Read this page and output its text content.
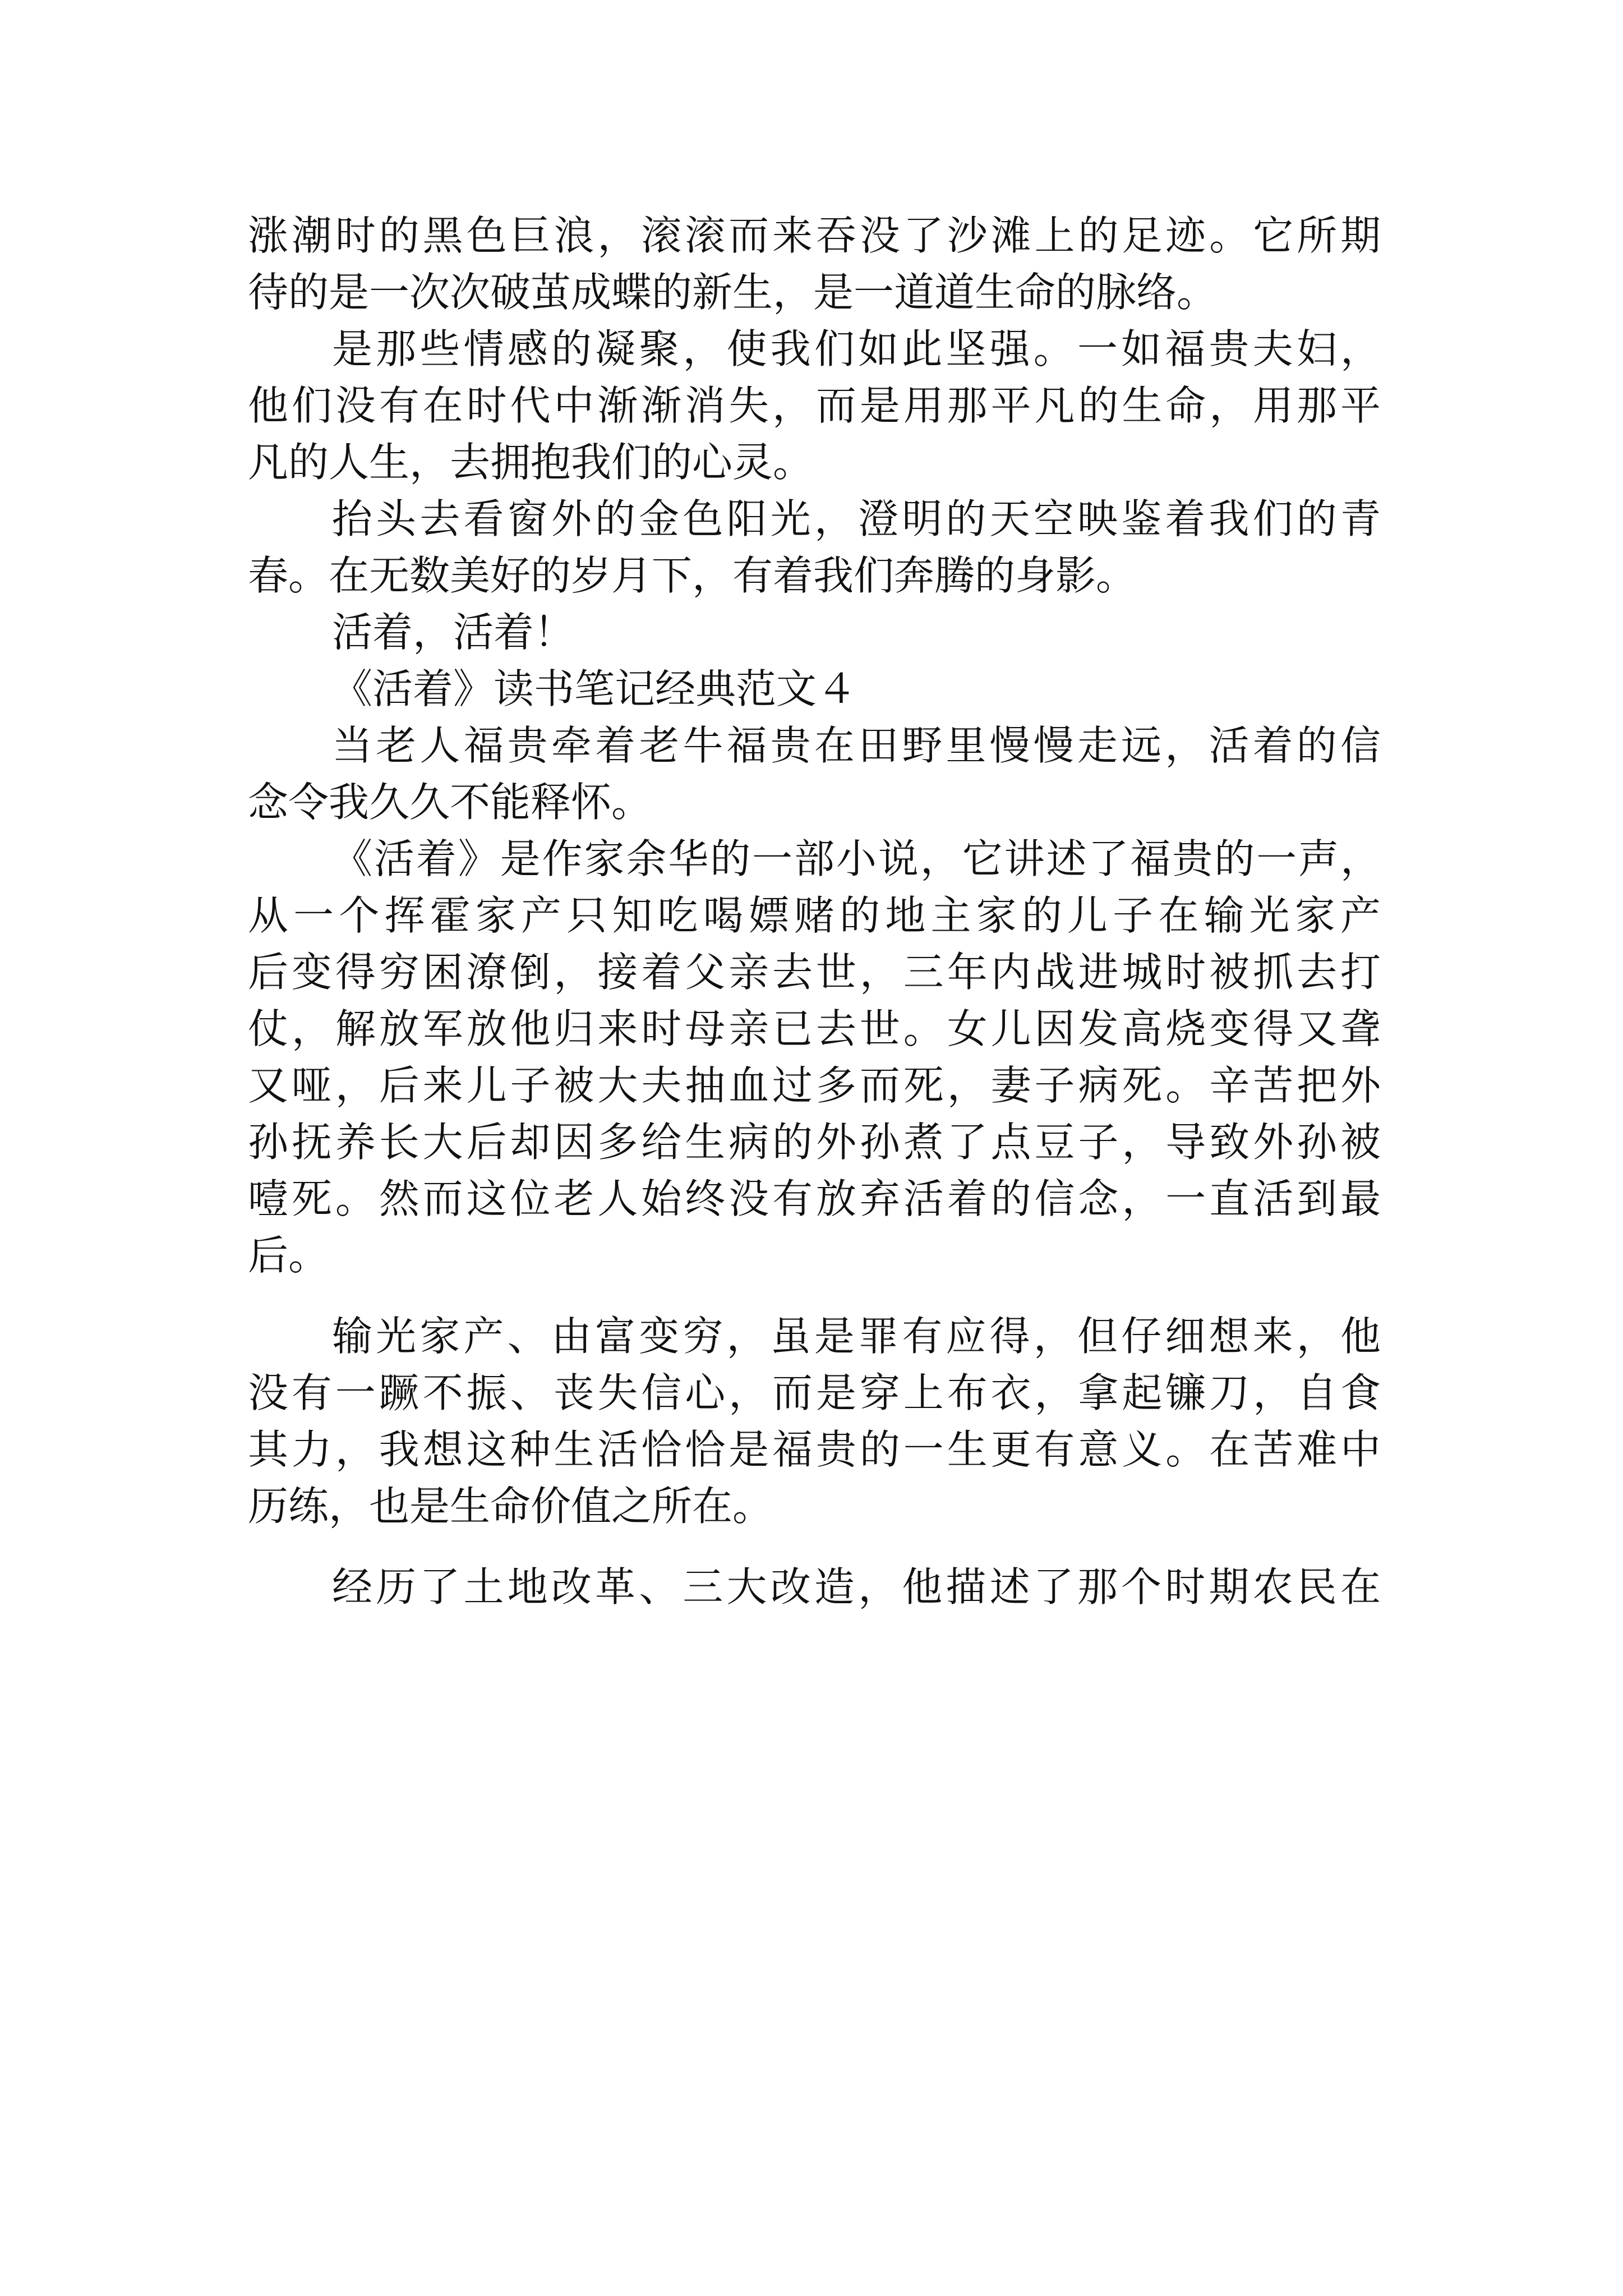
涨潮时的黑色巨浪，滚滚而来吞没了沙滩上的足迹。它所期
待的是一次次破茧成蝶的新生，是一道道生命的脉络。
是那些情感的凝聚，使我们如此坚强。一如福贵夫妇，
他们没有在时代中渐渐消失，而是用那平凡的生命，用那平
凡的人生，去拥抱我们的心灵。
抬头去看窗外的金色阳光，澄明的天空映鉴着我们的青
春。在无数美好的岁月下，有着我们奔腾的身影。
活着，活着！
《活着》读书笔记经典范文４
当老人福贵牵着老牛福贵在田野里慢慢走远，活着的信
念令我久久不能释怀。
《活着》是作家余华的一部小说，它讲述了福贵的一声，
从一个挥霍家产只知吃喝嫖赌的地主家的儿子在输光家产
后变得穷困潦倒，接着父亲去世，三年内战进城时被抓去打
仗，解放军放他归来时母亲已去世。女儿因发高烧变得又聋
又哑，后来儿子被大夫抽血过多而死，妻子病死。辛苦把外
孙抚养长大后却因多给生病的外孙煮了点豆子，导致外孙被
噎死。然而这位老人始终没有放弃活着的信念，一直活到最
后。
输光家产、由富变穷，虽是罪有应得，但仔细想来，他
没有一蹶不振、丧失信心，而是穿上布衣，拿起镰刀，自食
其力，我想这种生活恰恰是福贵的一生更有意义。在苦难中
历练，也是生命价值之所在。
经历了土地改革、三大改造，他描述了那个时期农民在
